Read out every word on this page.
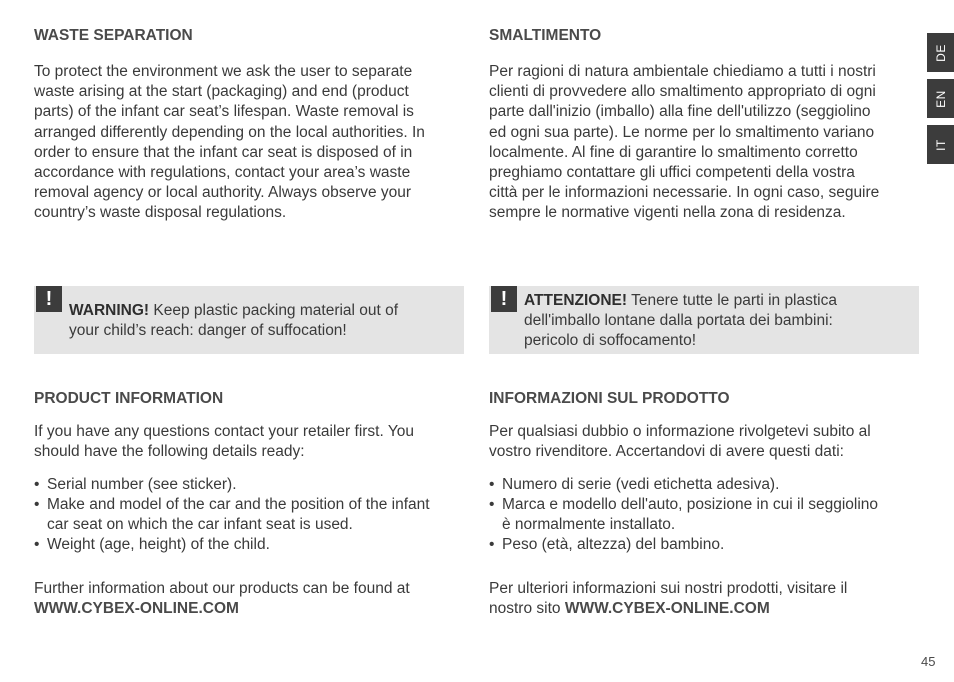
WASTE SEPARATION

To protect the environment we ask the user to separate
waste arising at the start (packaging) and end (product
parts) of the infant car seat’s lifespan. Waste removal is
arranged differently depending on the local authorities. In
order to ensure that the infant car seat is disposed of in
accordance with regulations, contact your area’s waste
removal agency or local authority. Always observe your
country’s waste disposal regulations.

!

WARNING! Keep plastic packing material out of
your child’s reach: danger of suffocation!

PRODUCT INFORMATION

If you have any questions contact your retailer first. You
should have the following details ready:

• Serial number (see sticker).
• Make and model of the car and the position of the infant
car seat on which the car infant seat is used.
• Weight (age, height) of the child.

Further information about our products can be found at
WWW.CYBEX-ONLINE.COM

SMALTIMENTO

Per ragioni di natura ambientale chiediamo a tutti i nostri
clienti di provvedere allo smaltimento appropriato di ogni
parte dall'inizio (imballo) alla fine dell'utilizzo (seggiolino
ed ogni sua parte). Le norme per lo smaltimento variano
localmente. Al fine di garantire lo smaltimento corretto
preghiamo contattare gli uffici competenti della vostra
città per le informazioni necessarie. In ogni caso, seguire
sempre le normative vigenti nella zona di residenza.

!	ATTENZIONE! Tenere tutte le parti in plastica
dell'imballo lontane dalla portata dei bambini:
pericolo di soffocamento!

INFORMAZIONI SUL PRODOTTO

Per qualsiasi dubbio o informazione rivolgetevi subito al
vostro rivenditore. Accertandovi di avere questi dati:

• Numero di serie (vedi etichetta adesiva).
• Marca e modello dell'auto, posizione in cui il seggiolino
è normalmente installato.
• Peso (età, altezza) del bambino.

Per ulteriori informazioni sui nostri prodotti, visitare il
nostro sito WWW.CYBEX-ONLINE.COM

DE
EN
IT
45
